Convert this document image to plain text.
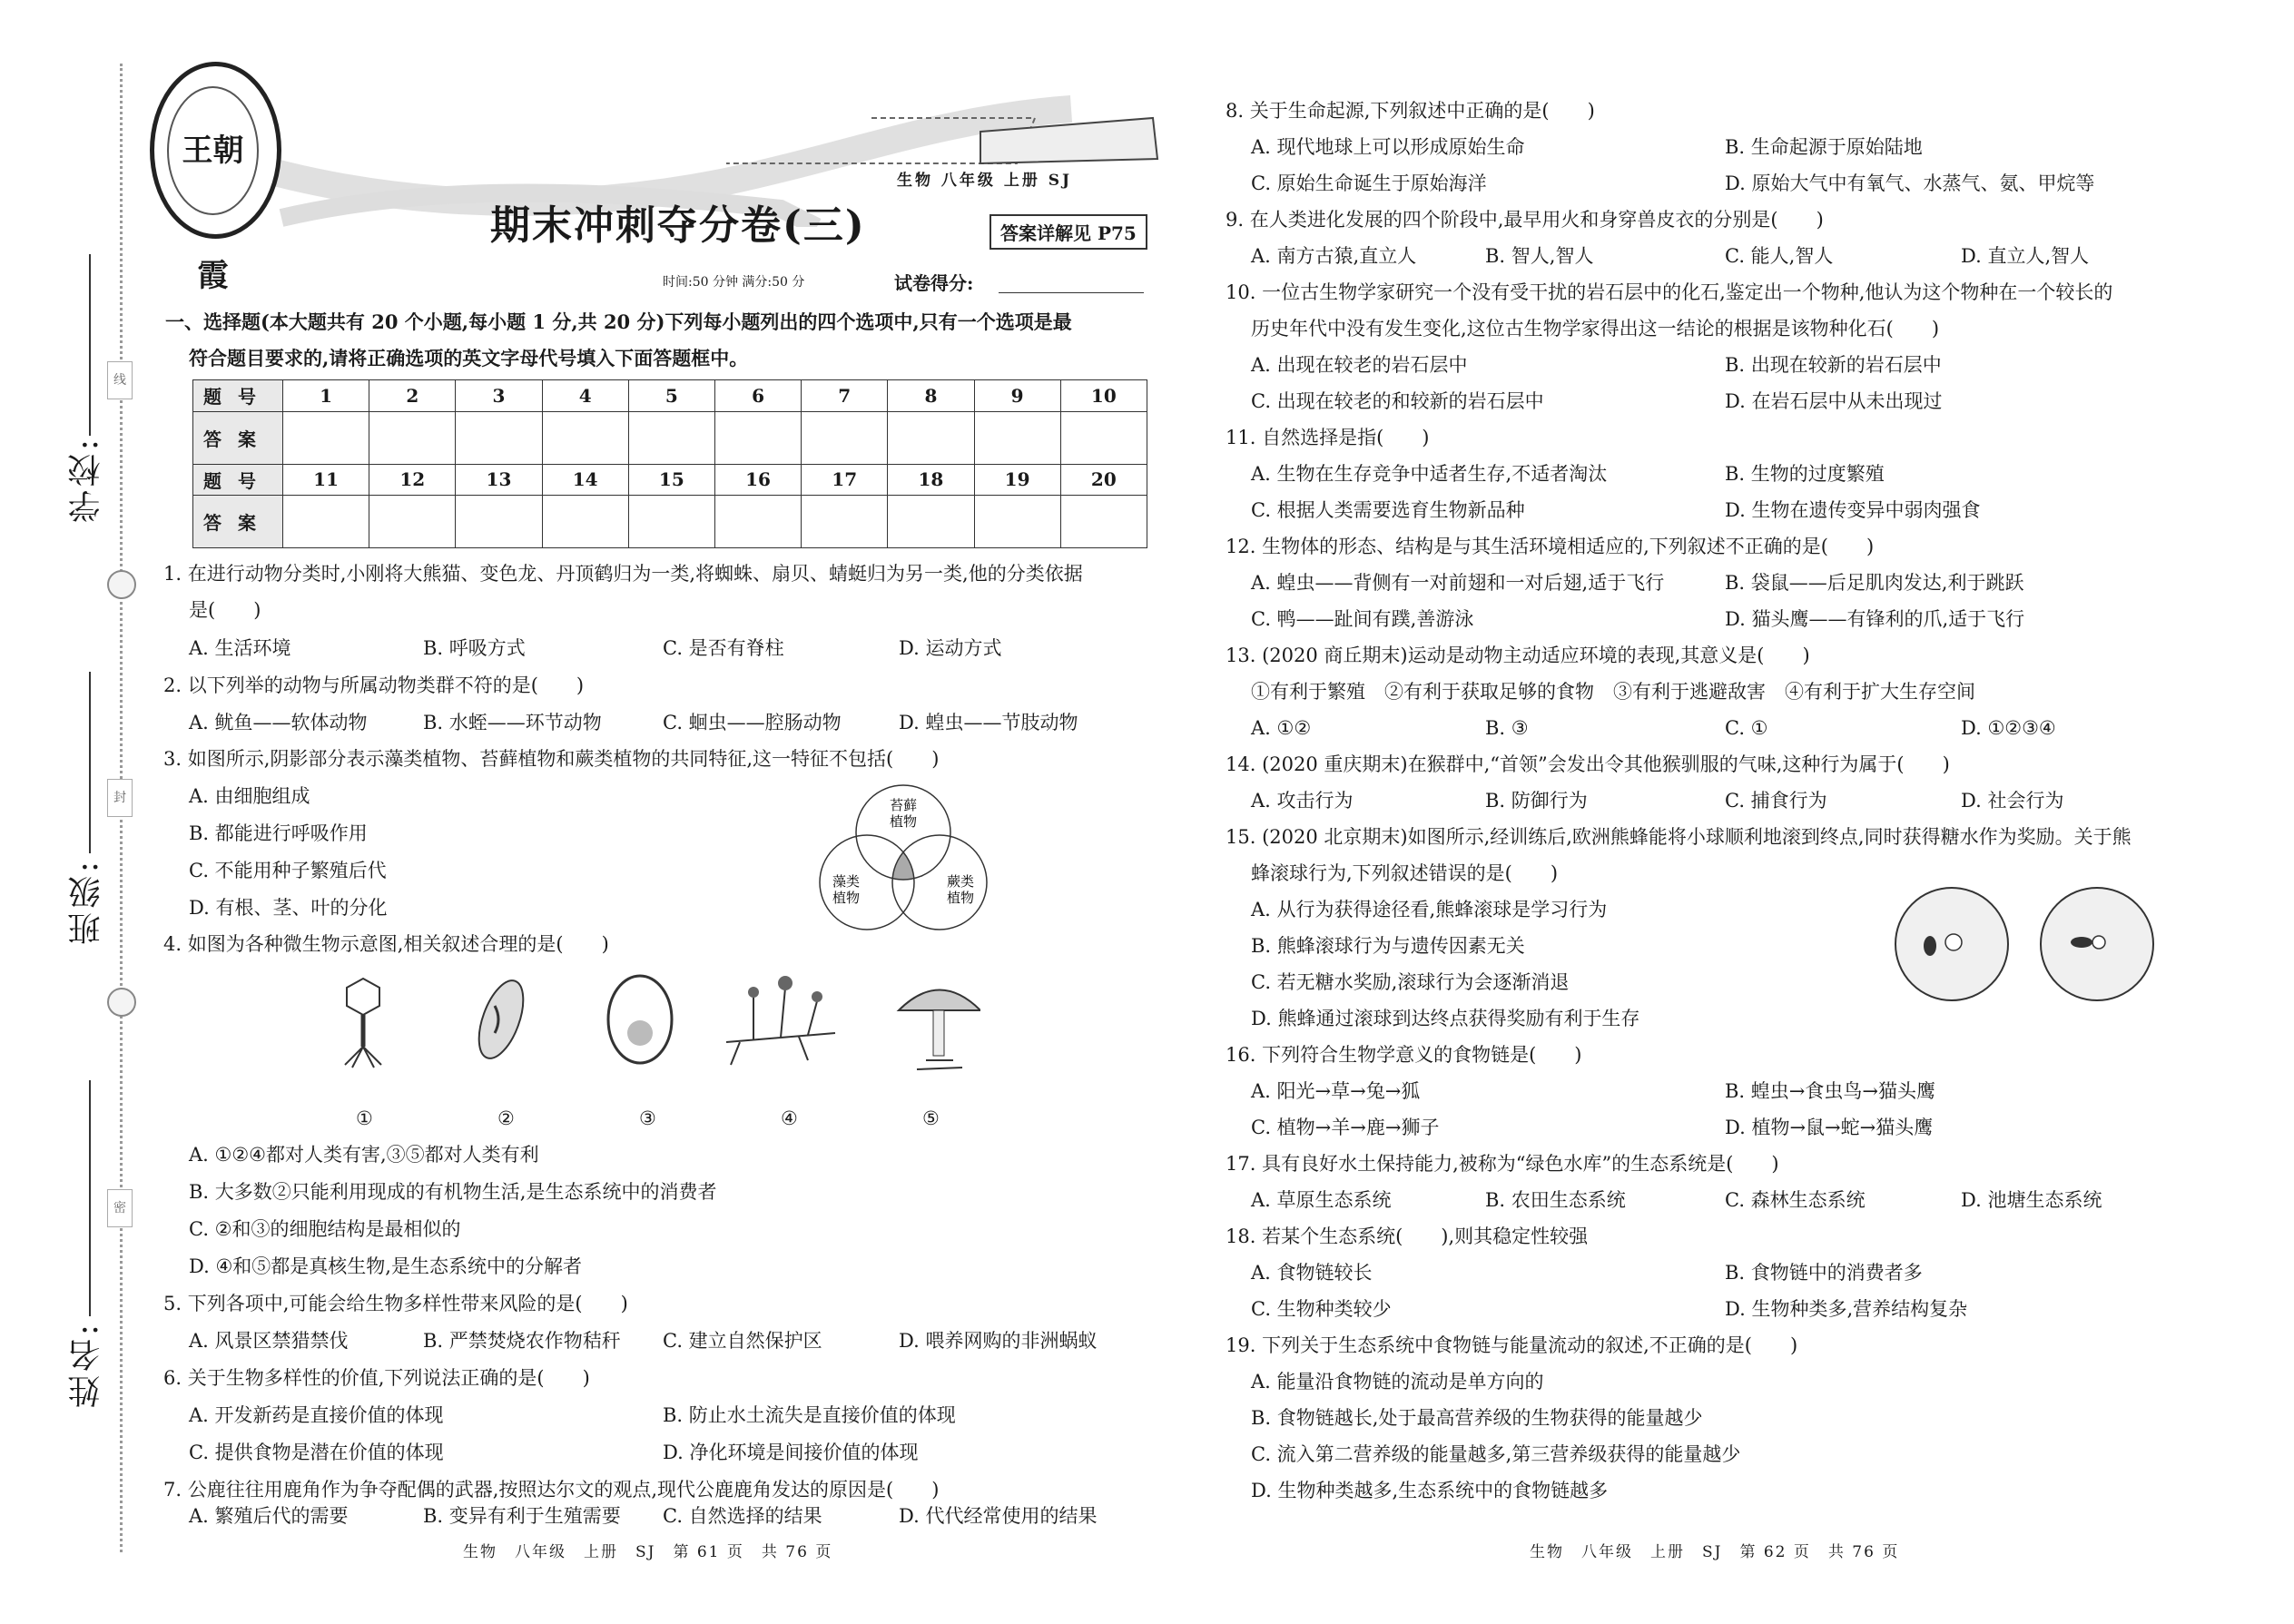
学校:
班级:
姓名:
线
封
密
王朝霞
生物 八年级 上册 SJ
期末冲刺夺分卷(三)	答案详解见 P75
时间:50 分钟 满分:50 分	试卷得分:
一、选择题(本大题共有 20 个小题,每小题 1 分,共 20 分)下列每小题列出的四个选项中,只有一个选项是最
符合题目要求的,请将正确选项的英文字母代号填入下面答题框中。
题号	1	2	3	4	5	6	7	8	9	10
答案										
题号	11	12	13	14	15	16	17	18	19	20
答案										
1. 在进行动物分类时,小刚将大熊猫、变色龙、丹顶鹤归为一类,将蜘蛛、扇贝、蜻蜓归为另一类,他的分类依据
是(　　)
A. 生活环境	B. 呼吸方式	C. 是否有脊柱	D. 运动方式
2. 以下列举的动物与所属动物类群不符的是(　　)
A. 鱿鱼——软体动物	B. 水蛭——环节动物	C. 蛔虫——腔肠动物	D. 蝗虫——节肢动物
3. 如图所示,阴影部分表示藻类植物、苔藓植物和蕨类植物的共同特征,这一特征不包括(　　)
A. 由细胞组成
B. 都能进行呼吸作用
C. 不能用种子繁殖后代
D. 有根、茎、叶的分化
苔藓植物
藻类植物
蕨类植物
4. 如图为各种微生物示意图,相关叙述合理的是(　　)
①	②	③	④	⑤
A. ①②④都对人类有害,③⑤都对人类有利
B. 大多数②只能利用现成的有机物生活,是生态系统中的消费者
C. ②和③的细胞结构是最相似的
D. ④和⑤都是真核生物,是生态系统中的分解者
5. 下列各项中,可能会给生物多样性带来风险的是(　　)
A. 风景区禁猎禁伐	B. 严禁焚烧农作物秸秆 C. 建立自然保护区	D. 喂养网购的非洲蜗蚁
6. 关于生物多样性的价值,下列说法正确的是(　　)
A. 开发新药是直接价值的体现	B. 防止水土流失是直接价值的体现
C. 提供食物是潜在价值的体现	D. 净化环境是间接价值的体现
7. 公鹿往往用鹿角作为争夺配偶的武器,按照达尔文的观点,现代公鹿鹿角发达的原因是(　　)
A. 繁殖后代的需要	B. 变异有利于生殖需要 C. 自然选择的结果	D. 代代经常使用的结果
8. 关于生命起源,下列叙述中正确的是(　　)
A. 现代地球上可以形成原始生命	B. 生命起源于原始陆地
C. 原始生命诞生于原始海洋	D. 原始大气中有氧气、水蒸气、氨、甲烷等
9. 在人类进化发展的四个阶段中,最早用火和身穿兽皮衣的分别是(　　)
A. 南方古猿,直立人	B. 智人,智人	C. 能人,智人	D. 直立人,智人
10. 一位古生物学家研究一个没有受干扰的岩石层中的化石,鉴定出一个物种,他认为这个物种在一个较长的
历史年代中没有发生变化,这位古生物学家得出这一结论的根据是该物种化石(　　)
A. 出现在较老的岩石层中	B. 出现在较新的岩石层中
C. 出现在较老的和较新的岩石层中	D. 在岩石层中从未出现过
11. 自然选择是指(　　)
A. 生物在生存竞争中适者生存,不适者淘汰	B. 生物的过度繁殖
C. 根据人类需要选育生物新品种	D. 生物在遗传变异中弱肉强食
12. 生物体的形态、结构是与其生活环境相适应的,下列叙述不正确的是(　　)
A. 蝗虫——背侧有一对前翅和一对后翅,适于飞行	B. 袋鼠——后足肌肉发达,利于跳跃
C. 鸭——趾间有蹼,善游泳	D. 猫头鹰——有锋利的爪,适于飞行
13. (2020 商丘期末)运动是动物主动适应环境的表现,其意义是(　　)
①有利于繁殖　②有利于获取足够的食物　③有利于逃避敌害　④有利于扩大生存空间
A. ①②	B. ③	C. ①	D. ①②③④
14. (2020 重庆期末)在猴群中,“首领”会发出令其他猴驯服的气味,这种行为属于(　　)
A. 攻击行为	B. 防御行为	C. 捕食行为	D. 社会行为
15. (2020 北京期末)如图所示,经训练后,欧洲熊蜂能将小球顺利地滚到终点,同时获得糖水作为奖励。关于熊
蜂滚球行为,下列叙述错误的是(　　)
A. 从行为获得途径看,熊蜂滚球是学习行为
B. 熊蜂滚球行为与遗传因素无关
C. 若无糖水奖励,滚球行为会逐渐消退
D. 熊蜂通过滚球到达终点获得奖励有利于生存
16. 下列符合生物学意义的食物链是(　　)
A. 阳光→草→兔→狐	B. 蝗虫→食虫鸟→猫头鹰
C. 植物→羊→鹿→狮子	D. 植物→鼠→蛇→猫头鹰
17. 具有良好水土保持能力,被称为“绿色水库”的生态系统是(　　)
A. 草原生态系统	B. 农田生态系统	C. 森林生态系统	D. 池塘生态系统
18. 若某个生态系统(　　),则其稳定性较强
A. 食物链较长	B. 食物链中的消费者多
C. 生物种类较少	D. 生物种类多,营养结构复杂
19. 下列关于生态系统中食物链与能量流动的叙述,不正确的是(　　)
A. 能量沿食物链的流动是单方向的
B. 食物链越长,处于最高营养级的生物获得的能量越少
C. 流入第二营养级的能量越多,第三营养级获得的能量越少
D. 生物种类越多,生态系统中的食物链越多
生物　八年级　上册　SJ　第 61 页　共 76 页	生物　八年级　上册　SJ　第 62 页　共 76 页
